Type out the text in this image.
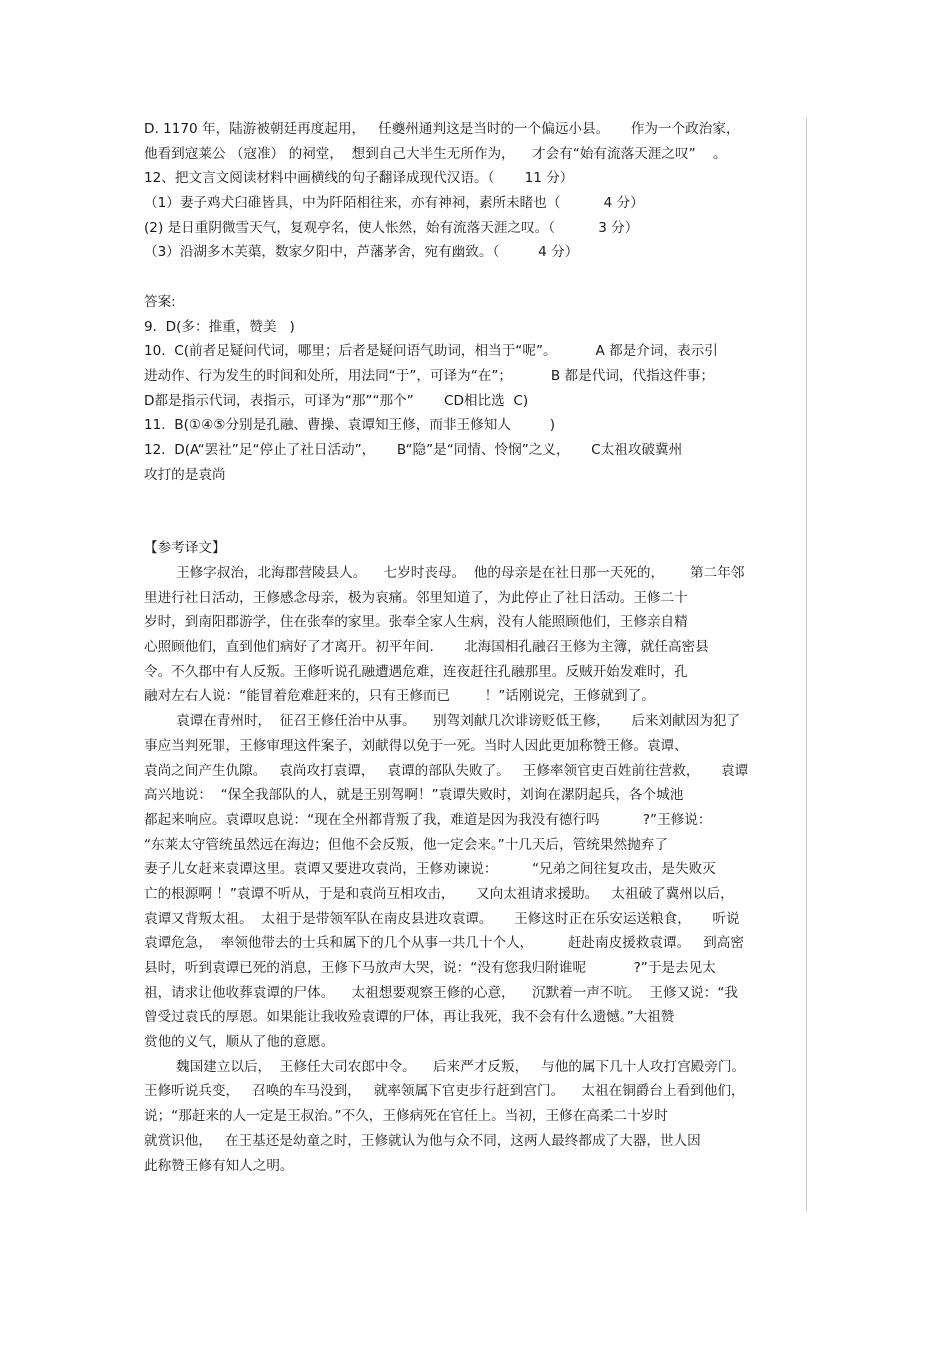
D. 1170 年，陆游被朝廷再度起用，   任夔州通判这是当时的一个偏远小县。     作为一个政治家，
他看到寇莱公 （寇准） 的祠堂，  想到自己大半生无所作为，    才会有“始有流落天涯之叹”    。
12、把文言文阅读材料中画横线的句子翻译成现代汉语。（       11 分）
（1）妻子鸡犬臼碓皆具，中为阡陌相往来，亦有神祠，素所未睹也（          4 分）
(2) 是日重阴微雪天气，复观亭名，使人怅然，始有流落天涯之叹。（          3 分）
（3）沿湖多木芙蕖，数家夕阳中，芦藩茅舍，宛有幽致。（         4 分）
答案:
9.  D(多：推重，赞美   )
10.  C(前者足疑问代词，哪里；后者是疑问语气助词，相当于“呢”。         A 都是介词，表示引
进动作、行为发生的时间和处所，用法同“于”，可译为“在”；         B 都是代词，代指这件事；
D都是指示代词，表指示，可译为“那”“那个”       CD相比选  C)
11.  B(①④⑤分别是孔融、曹操、袁谭知王修，而非王修知人         )
12.  D(A“罢社”足“停止了社日活动”，     B“隐”是“同情、怜悯”之义，     C太祖攻破冀州
攻打的是袁尚
【参考译文】
王修字叔治，北海郡营陵县人。    七岁时丧母。  他的母亲是在社日那一天死的，      第二年邻
里进行社日活动，王修感念母亲，极为哀痛。邻里知道了，为此停止了社日活动。王修二十
岁时，到南阳郡游学，住在张奉的家里。张奉全家人生病，没有人能照顾他们，王修亲自精
心照顾他们，直到他们病好了才离开。初平年间.       北海国相孔融召王修为主簿，就任高密县
令。不久郡中有人反叛。王修听说孔融遭遇危难，连夜赶往孔融那里。反贼开始发难时，孔
融对左右人说：“能冒着危难赶来的，只有王修而已        ！”话刚说完，王修就到了。
袁谭在青州时，  征召王修任治中从事。    别驾刘献几次诽谤贬低王修，     后来刘献因为犯了
事应当判死罪，王修审理这件案子，刘献得以免于一死。当时人因此更加称赞王修。袁谭、
袁尚之间产生仇隙。   袁尚攻打袁谭，   袁谭的部队失败了。   王修率领官吏百姓前往营救，     袁谭
高兴地说：  “保全我部队的人，就是王别驾啊！”袁谭失败时，刘询在漯阴起兵，各个城池
都起来响应。袁谭叹息说：“现在全州都背叛了我，难道是因为我没有德行吗          ?”王修说：
“东莱太守管统虽然远在海边；但他不会反叛，他一定会来。”十几天后，管统果然抛弃了
妻子儿女赶来袁谭这里。袁谭又要进攻袁尚，王修劝谏说：        “兄弟之间往复攻击，是失败灭
亡的根源啊 ！”袁谭不听从，于是和袁尚互相攻击，     又向太祖请求援助。   太祖破了冀州以后，
袁谭又背叛太祖。  太祖于是带领军队在南皮县进攻袁谭。     王修这时正在乐安运送粮食，     听说
袁谭危急，  率领他带去的士兵和属下的几个从事一共几十个人，        赶赴南皮援救袁谭。   到高密
县时，听到袁谭已死的消息，王修下马放声大哭，说：“没有您我归附谁呢           ?”于是去见太
祖，请求让他收葬袁谭的尸体。    太祖想要观察王修的心意，    沉默着一声不吭。  王修又说：“我
曾受过袁氏的厚恩。如果能让我收殓袁谭的尸体，再让我死，我不会有什么遗憾。”大祖赞
赏他的义气，顺从了他的意愿。
魏国建立以后，  王修任大司农郎中令。    后来严才反叛，   与他的属下几十人攻打宫殿旁门。
王修听说兵变，   召唤的车马没到，   就率领属下官吏步行赶到宫门。    太祖在铜爵台上看到他们，
说；“那赶来的人一定是王叔治。”不久，王修病死在官任上。当初，王修在高柔二十岁时
就赏识他，   在王基还是幼童之时，王修就认为他与众不同，这两人最终都成了大器，世人因
此称赞王修有知人之明。
